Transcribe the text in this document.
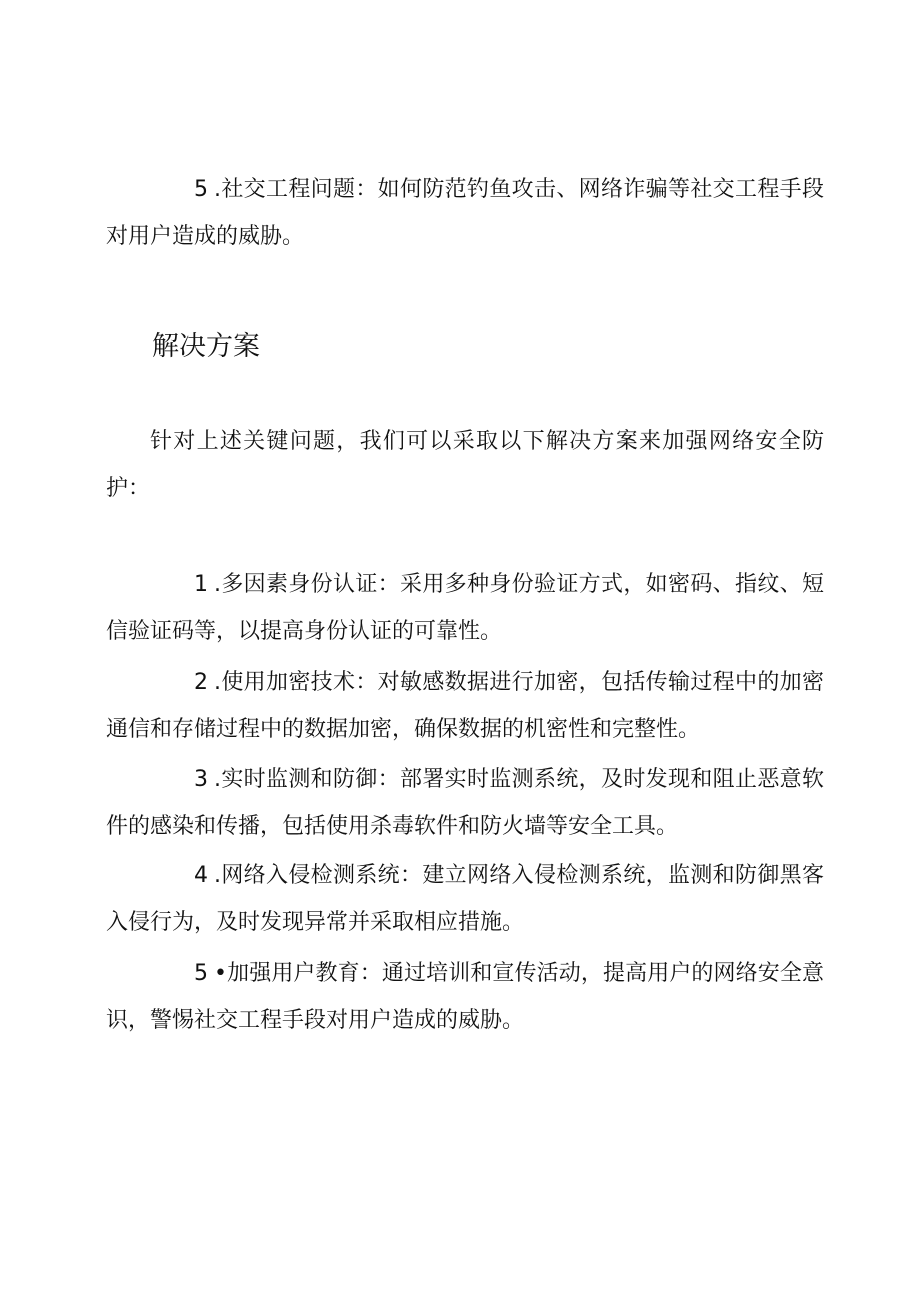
5 .社交工程问题：如何防范钓鱼攻击、网络诈骗等社交工程手段对用户造成的威胁。

解决方案

针对上述关键问题，我们可以采取以下解决方案来加强网络安全防护：

1 .多因素身份认证：采用多种身份验证方式，如密码、指纹、短信验证码等，以提高身份认证的可靠性。

2 .使用加密技术：对敏感数据进行加密，包括传输过程中的加密通信和存储过程中的数据加密，确保数据的机密性和完整性。

3 .实时监测和防御：部署实时监测系统，及时发现和阻止恶意软件的感染和传播，包括使用杀毒软件和防火墙等安全工具。

4 .网络入侵检测系统：建立网络入侵检测系统，监测和防御黑客入侵行为，及时发现异常并采取相应措施。

5 •加强用户教育：通过培训和宣传活动，提高用户的网络安全意识，警惕社交工程手段对用户造成的威胁。
